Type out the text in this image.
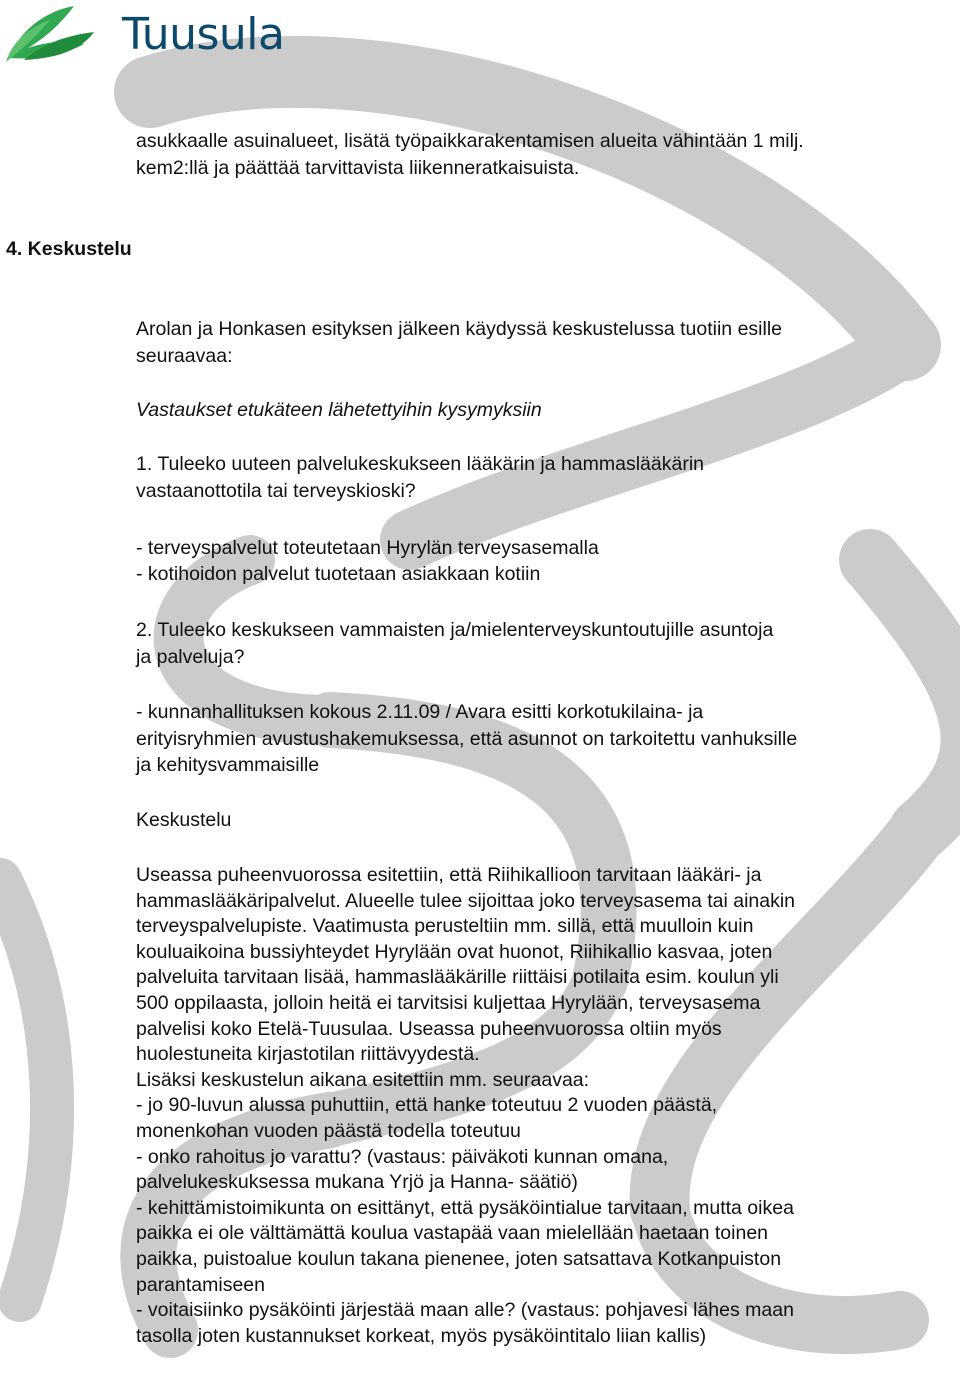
Tuusula
asukkaalle asuinalueet, lisätä työpaikkarakentamisen alueita vähintään 1 milj.
kem2:llä ja päättää tarvittavista liikenneratkaisuista.
4. Keskustelu
Arolan ja Honkasen esityksen jälkeen käydyssä keskustelussa tuotiin esille
seuraavaa:
Vastaukset etukäteen lähetettyihin kysymyksiin
1. Tuleeko uuteen palvelukeskukseen lääkärin ja hammaslääkärin
vastaanottotila tai terveyskioski?
- terveyspalvelut toteutetaan Hyrylän terveysasemalla
- kotihoidon palvelut tuotetaan asiakkaan kotiin
2. Tuleeko keskukseen vammaisten ja/mielenterveyskuntoutujille asuntoja
ja palveluja?
- kunnanhallituksen kokous 2.11.09 / Avara esitti korkotukilaina- ja
erityisryhmien avustushakemuksessa, että asunnot on tarkoitettu vanhuksille
ja kehitysvammaisille
Keskustelu
Useassa puheenvuorossa esitettiin, että Riihikallioon tarvitaan lääkäri- ja
hammaslääkäripalvelut. Alueelle tulee sijoittaa joko terveysasema tai ainakin
terveyspalvelupiste. Vaatimusta perusteltiin mm. sillä, että muulloin kuin
kouluaikoina bussiyhteydet Hyrylään ovat huonot, Riihikallio kasvaa, joten
palveluita tarvitaan lisää, hammaslääkärille riittäisi potilaita esim. koulun yli
500 oppilaasta, jolloin heitä ei tarvitsisi kuljettaa Hyrylään, terveysasema
palvelisi koko Etelä-Tuusulaa. Useassa puheenvuorossa oltiin myös
huolestuneita kirjastotilan riittävyydestä.
Lisäksi keskustelun aikana esitettiin mm. seuraavaa:
- jo 90-luvun alussa puhuttiin, että hanke toteutuu 2 vuoden päästä,
monenkohan vuoden päästä todella toteutuu
- onko rahoitus jo varattu? (vastaus: päiväkoti kunnan omana,
palvelukeskuksessa mukana Yrjö ja Hanna- säätiö)
- kehittämistoimikunta on esittänyt, että pysäköintialue tarvitaan, mutta oikea
paikka ei ole välttämättä koulua vastapää vaan mielellään haetaan toinen
paikka, puistoalue koulun takana pienenee, joten satsattava Kotkanpuiston
parantamiseen
- voitaisiinko pysäköinti järjestää maan alle? (vastaus: pohjavesi lähes maan
tasolla joten kustannukset korkeat, myös pysäköintitalo liian kallis)
